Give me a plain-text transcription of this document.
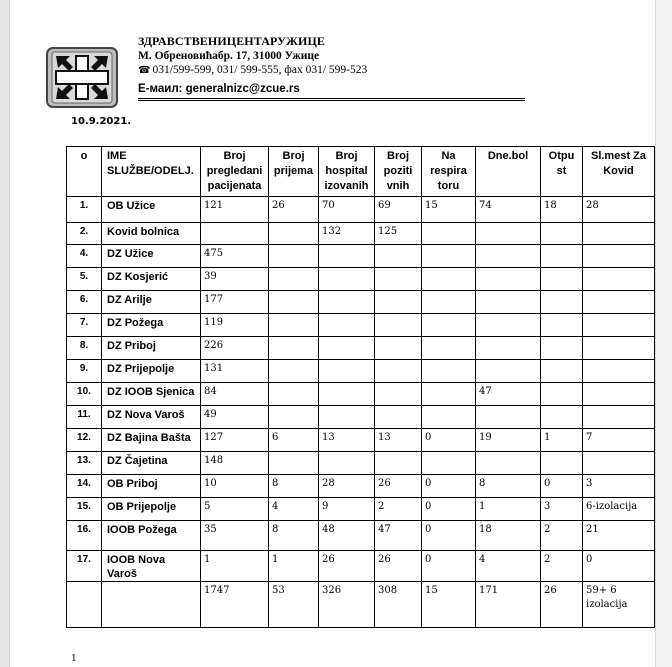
ЗДРАВСТВЕНИЦЕНТАРУЖИЦЕ
М. Обреновићабр. 17, 31000 Ужице
☎ 031/599-599, 031/ 599-555, фах 031/ 599-523
E-маил: generalnizc@zcue.rs
10.9.2021.
o	IME SLUŽBE/ODELJ.	Broj pregledani pacijenata	Broj prijema	Broj hospital izovanih	Broj poziti vnih	Na respira toru	Dne.bol	Otpu st	Sl.mest Za Kovid
1.	OB Užice	121	26	70	69	15	74	18	28
2.	Kovid bolnica			132	125				
4.	DZ Užice	475							
5.	DZ Kosjerić	39							
6.	DZ Arilje	177							
7.	DZ Požega	119							
8.	DZ Priboj	226							
9.	DZ Prijepolje	131							
10.	DZ IOOB Sjenica	84					47		
11.	DZ Nova Varoš	49							
12.	DZ Bajina Bašta	127	6	13	13	0	19	1	7
13.	DZ Čajetina	148							
14.	OB Priboj	10	8	28	26	0	8	0	3
15.	OB Prijepolje	5	4	9	2	0	1	3	6-izolacija
16.	IOOB Požega	35	8	48	47	0	18	2	21
17.	IOOB Nova Varoš	1	1	26	26	0	4	2	0
		1747	53	326	308	15	171	26	59+ 6 izolacija
1
